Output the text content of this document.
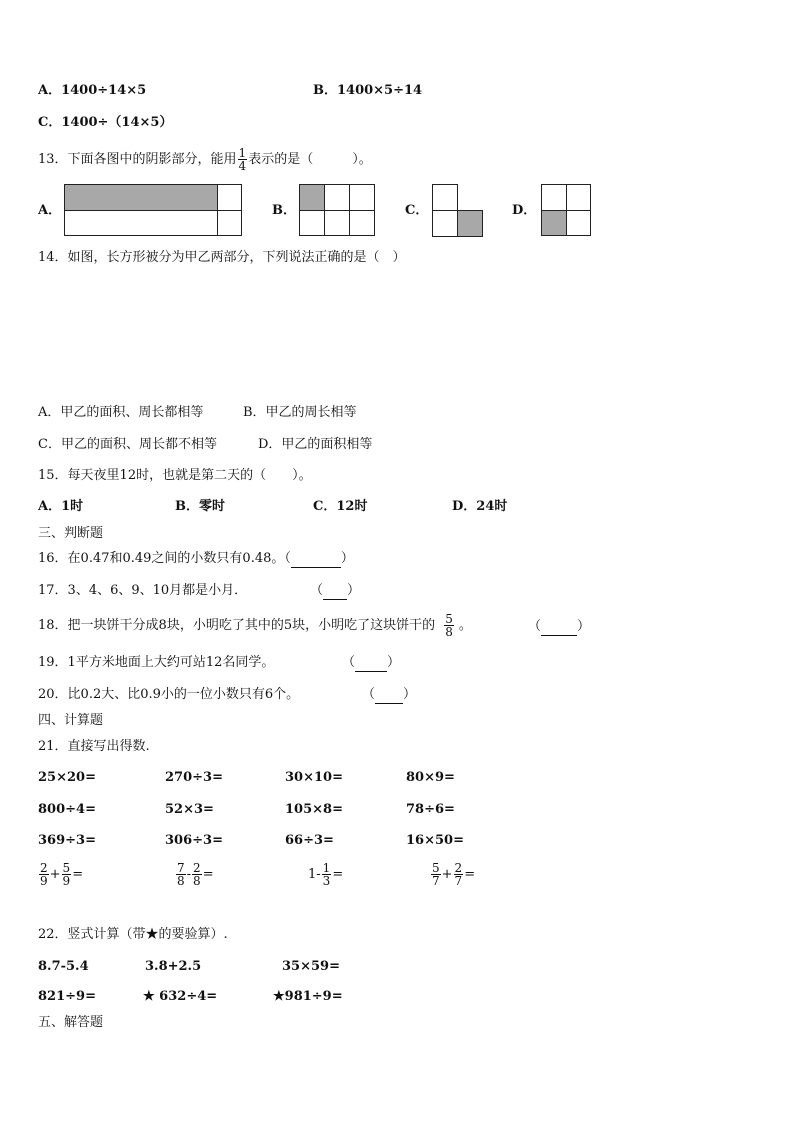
A．1400÷14×5	B．1400×5÷14
C．1400÷（14×5）
13．下面各图中的阴影部分，能用 $\frac{1}{4}$ 表示的是（　　　）。
A．

		B．

			C．	D．

14．如图，长方形被分为甲乙两部分，下列说法正确的是（　）
A．甲乙的面积、周长都相等	B．甲乙的周长相等
C．甲乙的面积、周长都不相等	D．甲乙的面积相等
15．每天夜里12时，也就是第二天的（　　）。
A．1时	B．零时	C．12时	D．24时
三、判断题
16．在0.47和0.49之间的小数只有0.48。（	）
17．3、4、6、9、10月都是小月．	（ ）
18．把一块饼干分成8块，小明吃了其中的5块，小明吃了这块饼干的 $\frac{5}{8}$ 。	（	）
19．1平方米地面上大约可站12名同学。	（ ）
20．比0.2大、比0.9小的一位小数只有6个。	（ ）
四、计算题
21．直接写出得数.
25×20=	270÷3=	30×10=	80×9=
800÷4=	52×3=	105×8=	78÷6=
369÷3=	306÷3=	66÷3=	16×50=
$\frac{2}{9} + \frac{5}{9}$ =	$\frac{7}{8} - \frac{2}{8}$ =	$1- \frac{1}{3}$ =	$\frac{5}{7} + \frac{2}{7}$ =
22．竖式计算（带★的要验算）.
8.7-5.4	3.8+2.5	35×59=
821÷9=	★ 632÷4=	★981÷9=
五、解答题
